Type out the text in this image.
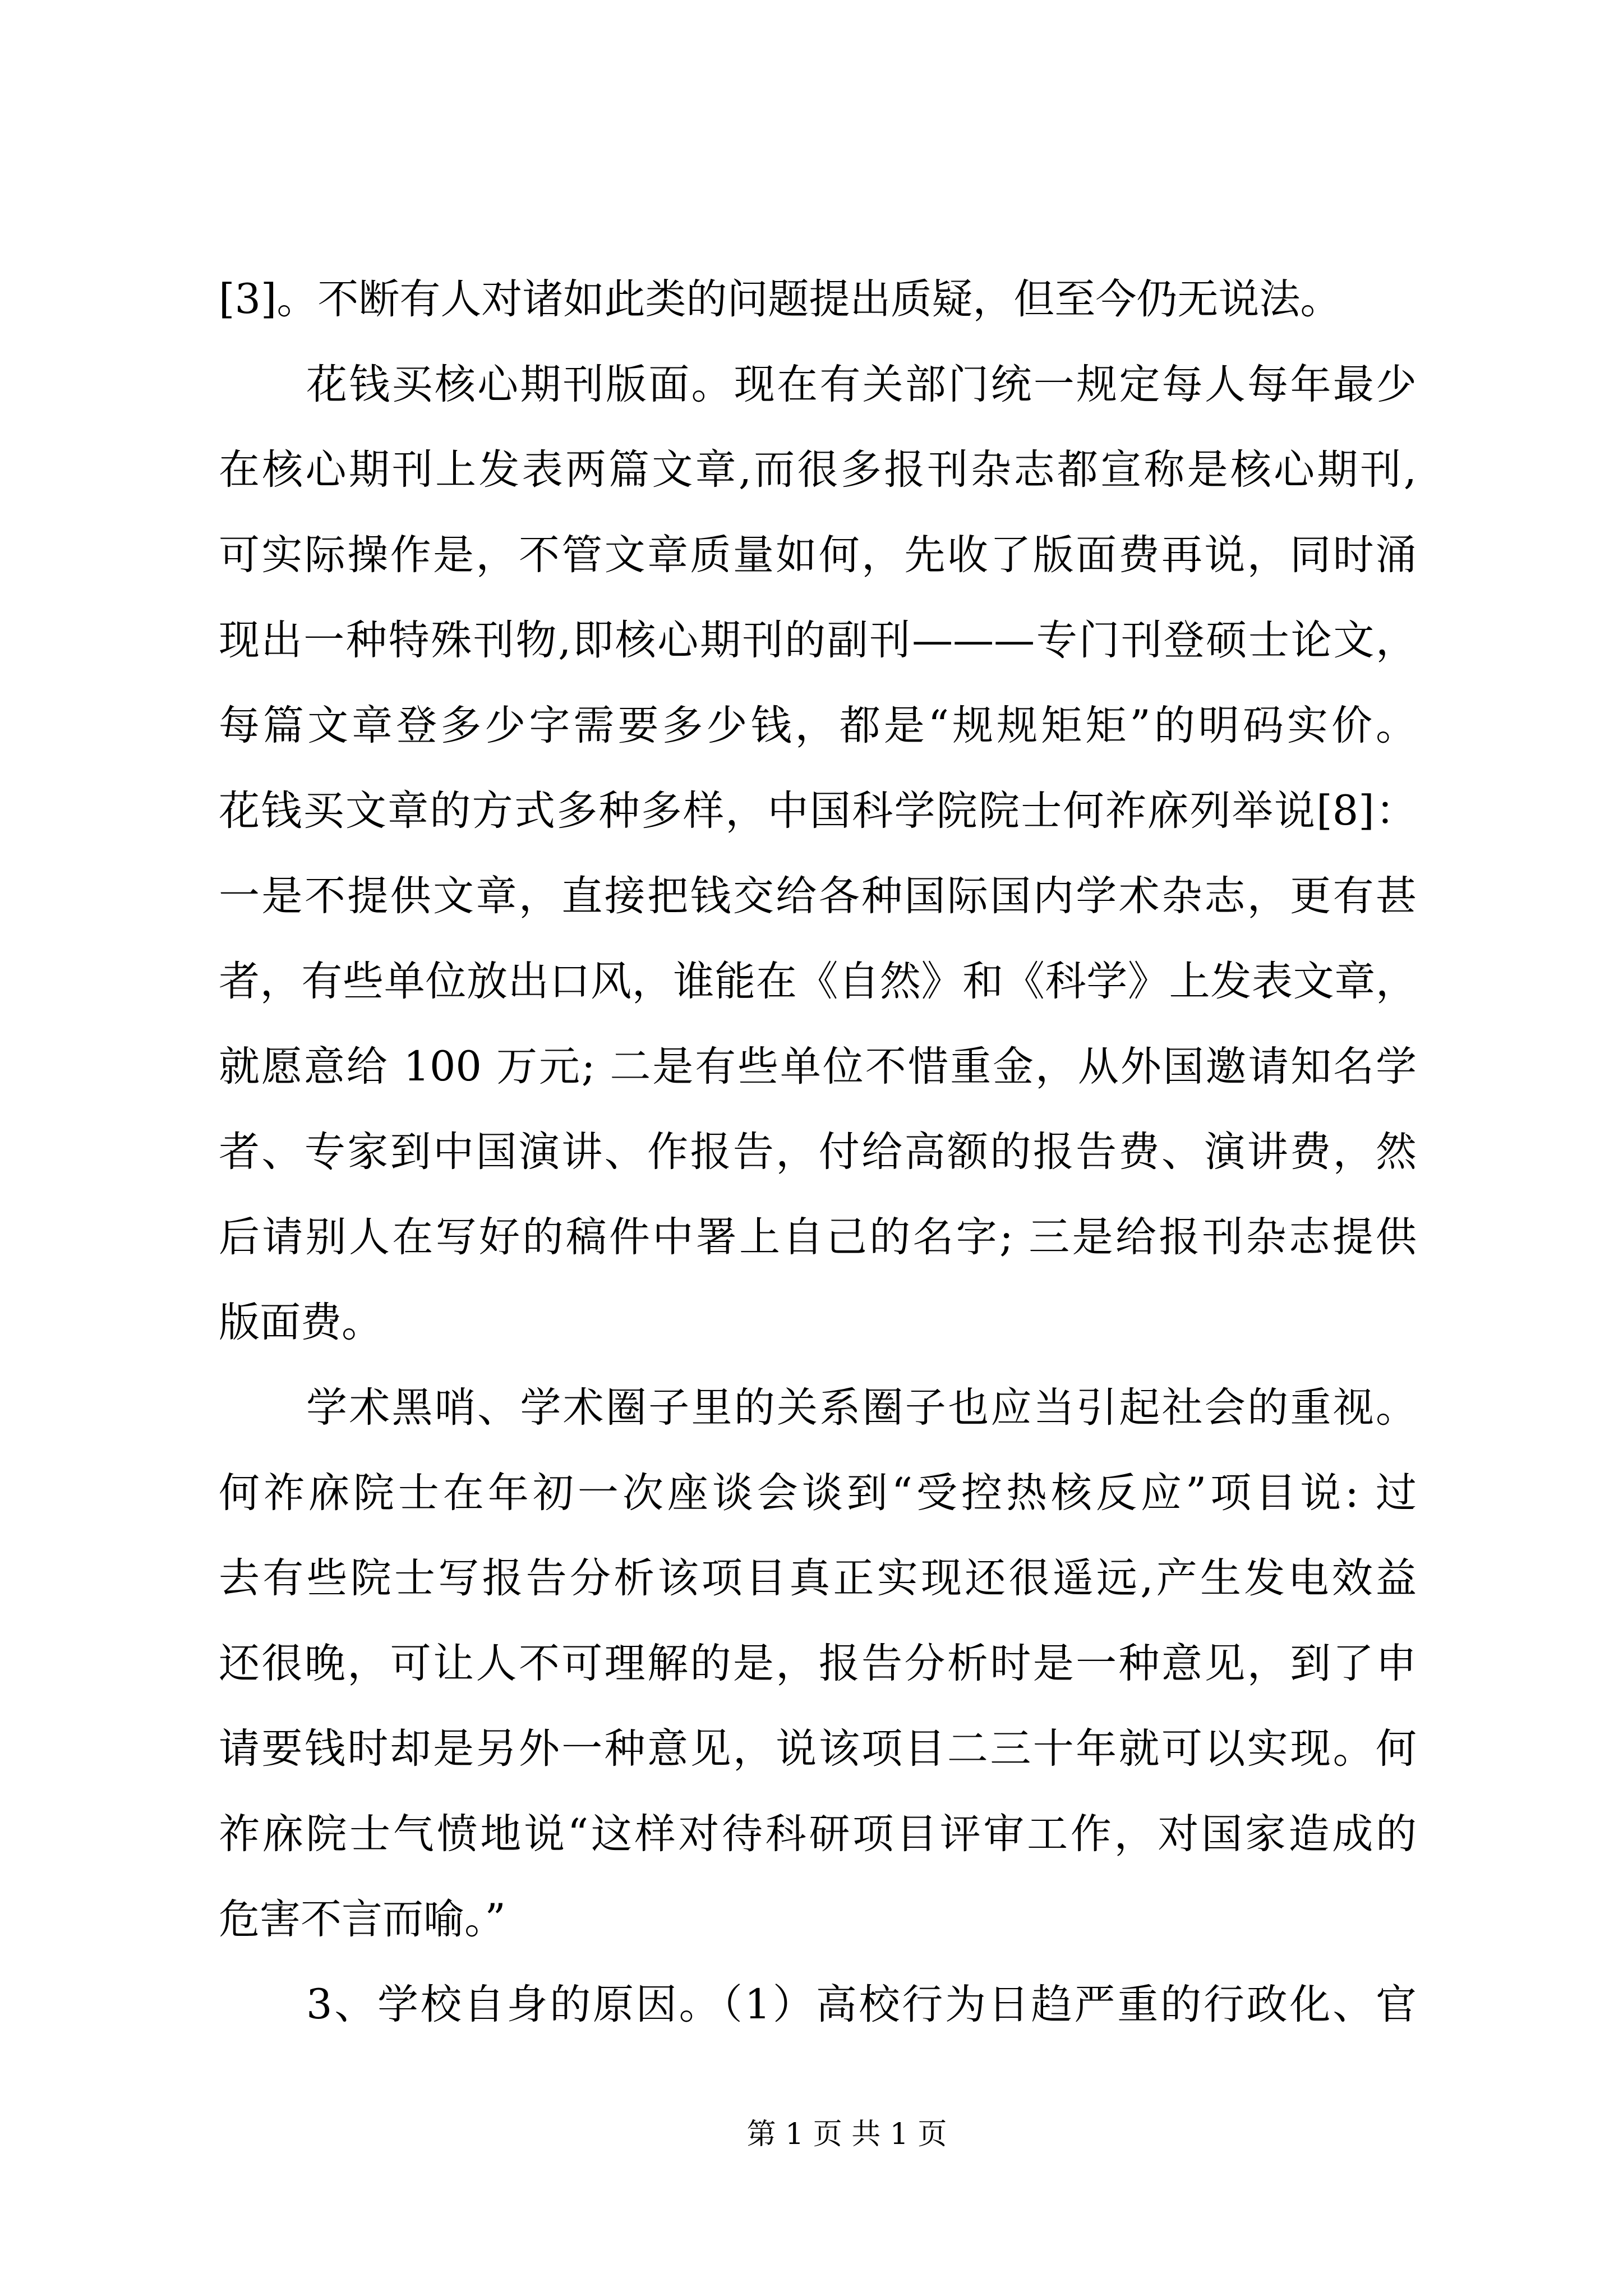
[3]。不断有人对诸如此类的问题提出质疑，但至今仍无说法。
花钱买核心期刊版面。现在有关部门统一规定每人每年最少
在核心期刊上发表两篇文章,而很多报刊杂志都宣称是核心期刊,
可实际操作是，不管文章质量如何，先收了版面费再说，同时涌
现出一种特殊刊物,即核心期刊的副刊———专门刊登硕士论文，
每篇文章登多少字需要多少钱，都是“规规矩矩”的明码实价。
花钱买文章的方式多种多样，中国科学院院士何祚庥列举说[8]：
一是不提供文章，直接把钱交给各种国际国内学术杂志，更有甚
者，有些单位放出口风，谁能在《自然》和《科学》上发表文章，
就愿意给 100 万元; 二是有些单位不惜重金，从外国邀请知名学
者、专家到中国演讲、作报告，付给高额的报告费、演讲费，然
后请别人在写好的稿件中署上自己的名字; 三是给报刊杂志提供
版面费。
学术黑哨、学术圈子里的关系圈子也应当引起社会的重视。
何祚庥院士在年初一次座谈会谈到“受控热核反应”项目说: 过
去有些院士写报告分析该项目真正实现还很遥远,产生发电效益
还很晚，可让人不可理解的是，报告分析时是一种意见，到了申
请要钱时却是另外一种意见，说该项目二三十年就可以实现。何
祚庥院士气愤地说“这样对待科研项目评审工作，对国家造成的
危害不言而喻。”
3、学校自身的原因。（1）高校行为日趋严重的行政化、官
第 1 页 共 1 页
